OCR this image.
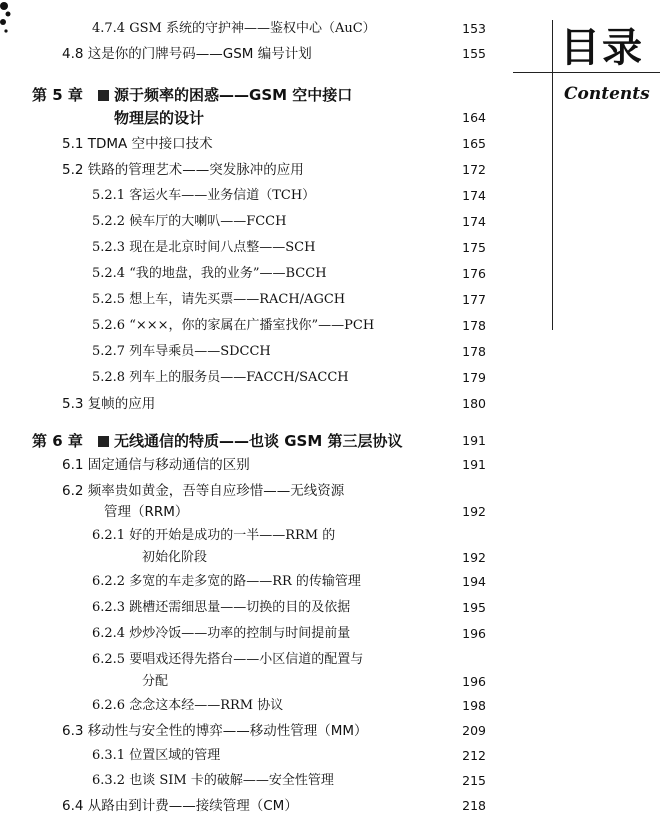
4.7.4 GSM 系统的守护神——鉴权中心（AuC）	153
4.8 这是你的门牌号码——GSM 编号计划	155
第 5 章 源于频率的困惑——GSM 空中接口
物理层的设计	164
5.1 TDMA 空中接口技术	165
5.2 铁路的管理艺术——突发脉冲的应用	172
5.2.1 客运火车——业务信道（TCH）	174
5.2.2 候车厅的大喇叭——FCCH	174
5.2.3 现在是北京时间八点整——SCH	175
5.2.4 “我的地盘，我的业务”——BCCH	176
5.2.5 想上车，请先买票——RACH/AGCH	177
5.2.6 “×××，你的家属在广播室找你”——PCH	178
5.2.7 列车导乘员——SDCCH	178
5.2.8 列车上的服务员——FACCH/SACCH	179
5.3 复帧的应用	180
第 6 章 无线通信的特质——也谈 GSM 第三层协议	191
6.1 固定通信与移动通信的区别	191
6.2 频率贵如黄金，吾等自应珍惜——无线资源
管理（RRM）	192
6.2.1 好的开始是成功的一半——RRM 的
初始化阶段	192
6.2.2 多宽的车走多宽的路——RR 的传输管理	194
6.2.3 跳槽还需细思量——切换的目的及依据	195
6.2.4 炒炒冷饭——功率的控制与时间提前量	196
6.2.5 要唱戏还得先搭台——小区信道的配置与
分配	196
6.2.6 念念这本经——RRM 协议	198
6.3 移动性与安全性的博弈——移动性管理（MM）	209
6.3.1 位置区域的管理	212
6.3.2 也谈 SIM 卡的破解——安全性管理	215
6.4 从路由到计费——接续管理（CM）	218
目录
Contents
